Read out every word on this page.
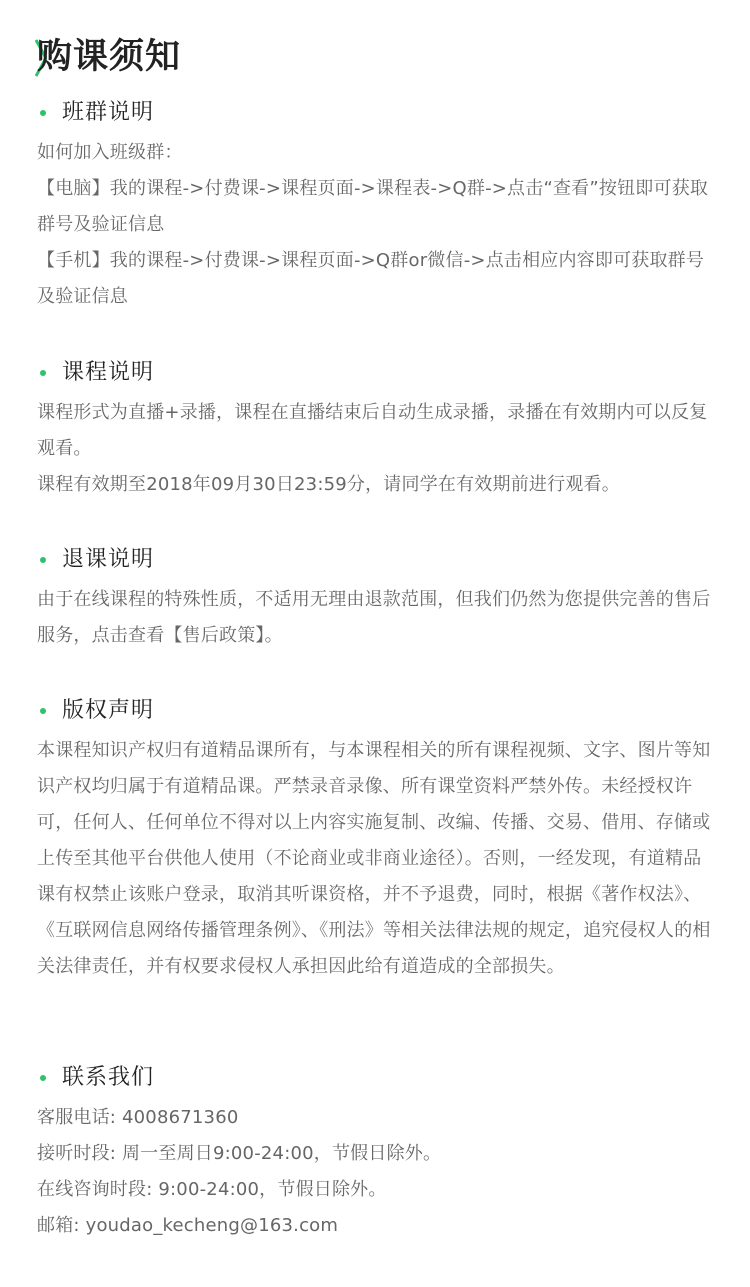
购课须知
班群说明

如何加入班级群：

【电脑】我的课程->付费课->课程页面->课程表->Q群->点击“查看”按钮即可获取群号及验证信息

【手机】我的课程->付费课->课程页面->Q群or微信->点击相应内容即可获取群号及验证信息

课程说明

课程形式为直播+录播，课程在直播结束后自动生成录播，录播在有效期内可以反复观看。

课程有效期至2018年09月30日23:59分，请同学在有效期前进行观看。

退课说明

由于在线课程的特殊性质，不适用无理由退款范围，但我们仍然为您提供完善的售后服务，点击查看【售后政策】。

版权声明

本课程知识产权归有道精品课所有，与本课程相关的所有课程视频、文字、图片等知识产权均归属于有道精品课。严禁录音录像、所有课堂资料严禁外传。未经授权许可，任何人、任何单位不得对以上内容实施复制、改编、传播、交易、借用、存储或上传至其他平台供他人使用（不论商业或非商业途径）。否则，一经发现，有道精品课有权禁止该账户登录，取消其听课资格，并不予退费，同时，根据《著作权法》、《互联网信息网络传播管理条例》、《刑法》等相关法律法规的规定，追究侵权人的相关法律责任，并有权要求侵权人承担因此给有道造成的全部损失。

联系我们
客服电话: 4008671360
接听时段: 周一至周日9:00-24:00，节假日除外。
在线咨询时段: 9:00-24:00，节假日除外。
邮箱: youdao_kecheng@163.com
